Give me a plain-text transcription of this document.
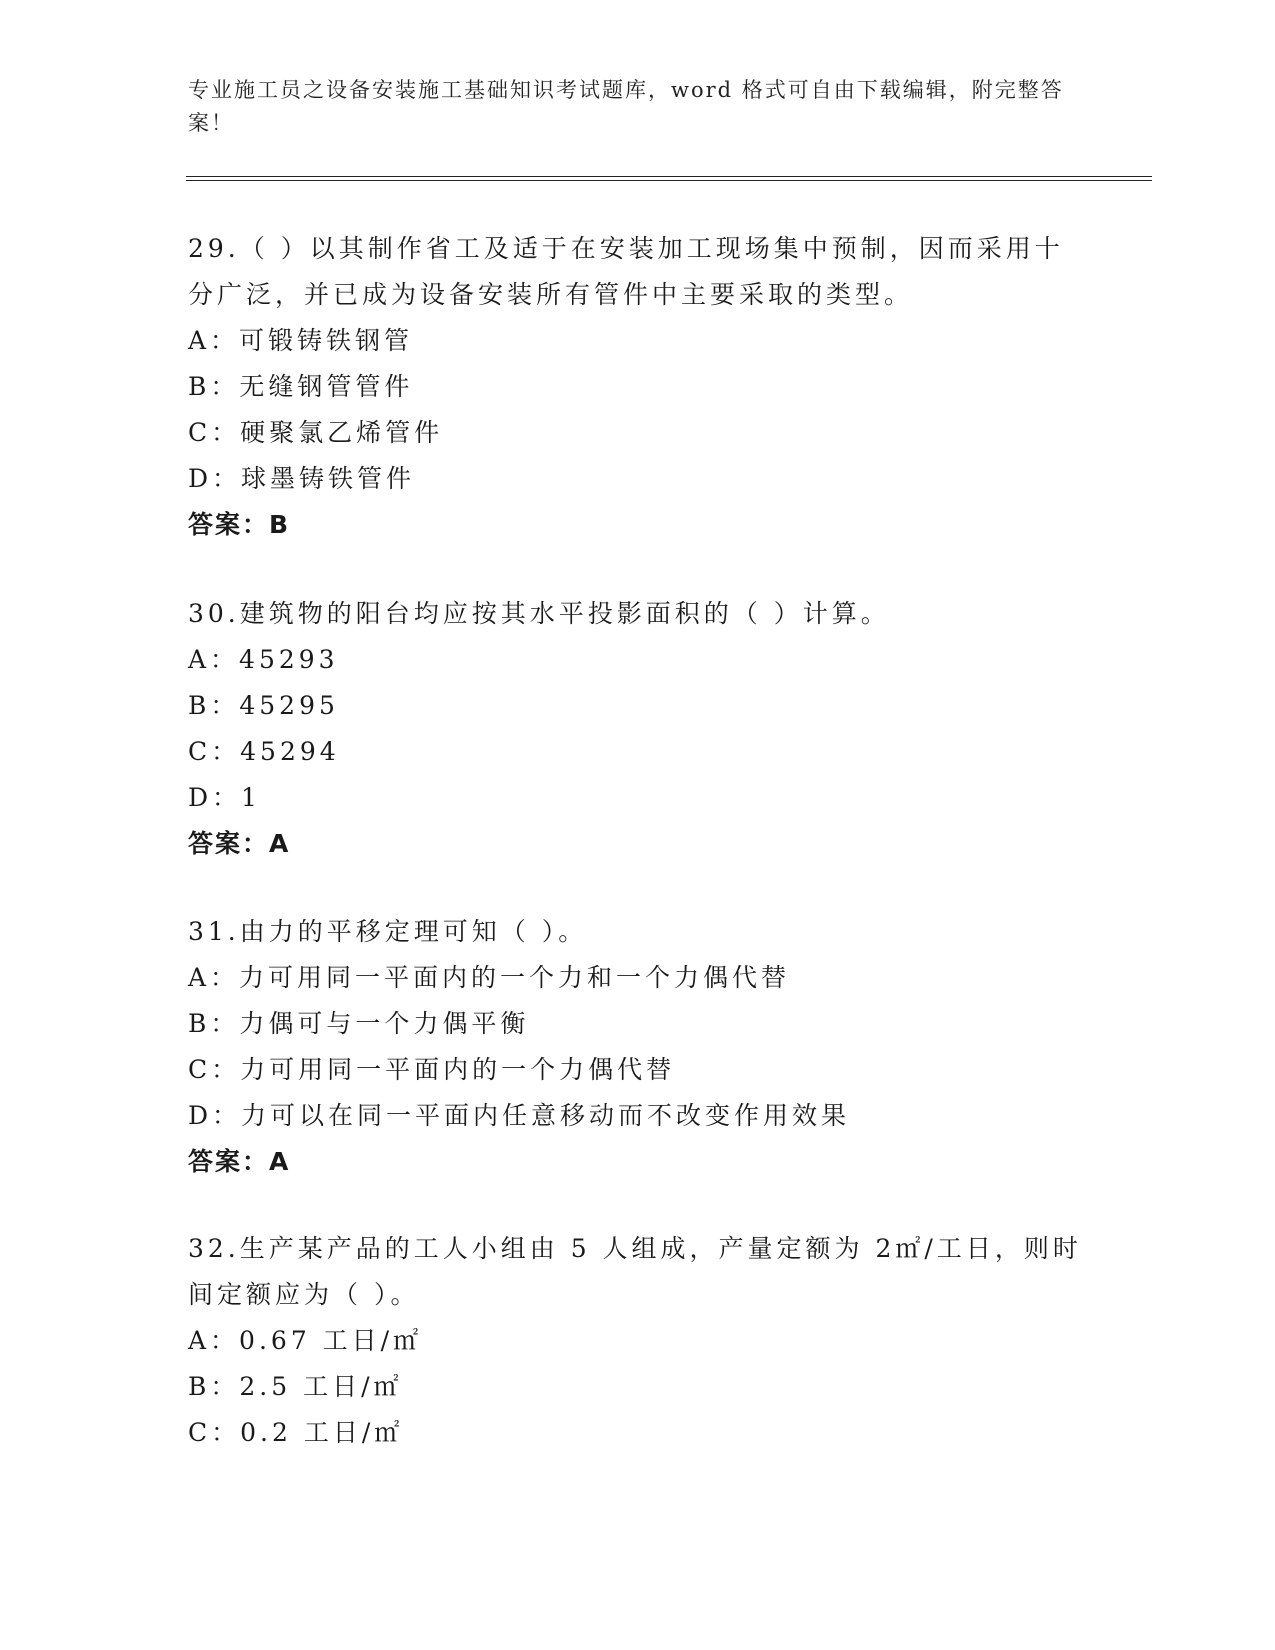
专业施工员之设备安装施工基础知识考试题库，word 格式可自由下载编辑，附完整答案！

29.（ ）以其制作省工及适于在安装加工现场集中预制，因而采用十分广泛，并已成为设备安装所有管件中主要采取的类型。

A：可锻铸铁钢管

B：无缝钢管管件

C：硬聚氯乙烯管件

D：球墨铸铁管件

答案：B

30.建筑物的阳台均应按其水平投影面积的（ ）计算。

A：45293

B：45295

C：45294

D：1

答案：A

31.由力的平移定理可知（ ）。

A：力可用同一平面内的一个力和一个力偶代替

B：力偶可与一个力偶平衡

C：力可用同一平面内的一个力偶代替

D：力可以在同一平面内任意移动而不改变作用效果

答案：A

32.生产某产品的工人小组由 5 人组成，产量定额为 2㎡/工日，则时间定额应为（ ）。

A：0.67 工日/㎡

B：2.5 工日/㎡

C：0.2 工日/㎡
